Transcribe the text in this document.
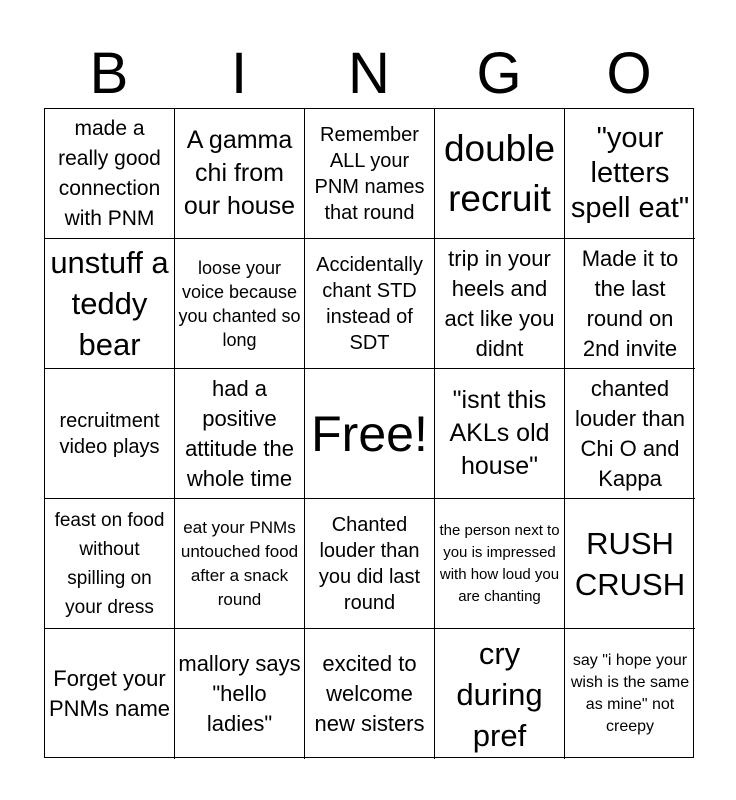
B	I	N	G	O
made a really good connection with PNM
A gamma chi from our house
Remember ALL your PNM names that round
double recruit
"your letters spell eat"
unstuff a teddy bear
loose your voice because you chanted so long
Accidentally chant STD instead of SDT
trip in your heels and act like you didnt
Made it to the last round on 2nd invite
recruitment video plays
had a positive attitude the whole time
Free!
"isnt this AKLs old house"
chanted louder than Chi O and Kappa
feast on food without spilling on your dress
eat your PNMs untouched food after a snack round
Chanted louder than you did last round
the person next to you is impressed with how loud you are chanting
RUSH CRUSH
Forget your PNMs name
mallory says "hello ladies"
excited to welcome new sisters
cry during pref
say "i hope your wish is the same as mine" not creepy
